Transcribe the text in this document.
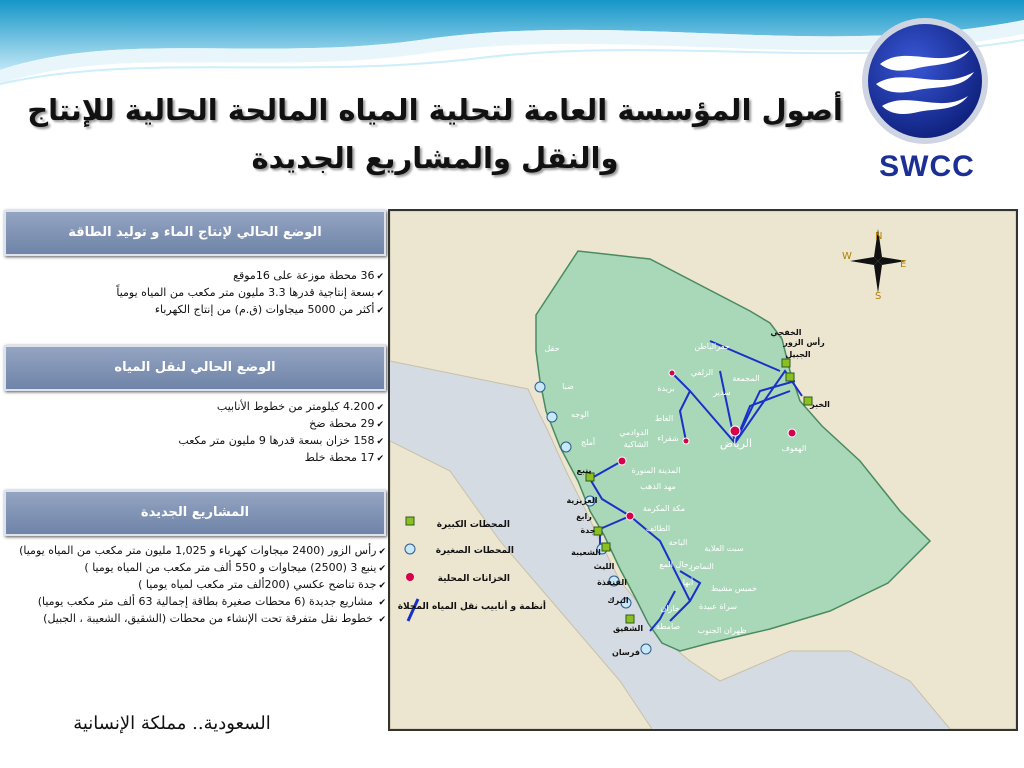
SWCC
أصول المؤسسة العامة لتحلية المياه المالحة الحالية للإنتاج
والنقل والمشاريع الجديدة
الوضع الحالي لإنتاج الماء و توليد الطاقة
✔ 36 محطة موزعة على 16موقع
✔ بسعة إنتاجية قدرها 3.3 مليون متر مكعب من المياه يومياً
✔ أكثر من 5000 ميجاوات (ق.م) من إنتاج الكهرباء
الوضع الحالي لنقل المياه
✔ 4.200 كيلومتر من خطوط الأنابيب
✔ 29 محطة ضخ
✔ 158 خزان بسعة قدرها 9 مليون متر مكعب
✔ 17 محطة خلط
المشاريع الجديدة
✔ رأس الزور (2400 ميجاوات كهرباء و 1,025 مليون متر مكعب من المياه يوميا)
✔ ينبع 3 (2500) ميجاوات و 550 ألف متر مكعب من المياه يوميا )
✔ جدة تناضح عكسي (200ألف متر مكعب لمياه يوميا )
✔ مشاريع جديدة (6 محطات صغيرة بطاقة إجمالية 63 ألف متر مكعب يوميا)
✔ خطوط نقل متفرقة تحت الإنشاء من محطات (الشقيق، الشعيبة ، الجبيل)
السعودية.. مملكة الإنسانية
حقل
ضبا
الوجه
أملج
ينبع	المدينة المنورة
مهد الذهب
العزيزية
رابغ
جدة
مكة المكرمة
الطائف
الباحة
سبت العلاية
النماص
رجال المع
أبها
خميس مشيط
سراة عبيدة
ظهران الجنوب
جازان
صامطة
فرسان
الشقيق
البرك
القنفذة
الليث
الشعيبة
حفرالباطن
الخفجي
رأس الزور
الجبيل
الخبر
الهفوف
الرياض
بريدة
الزلفي
المجمعة
سدير
الغاط
شقراء
الدوادمي
الشاكية
N
S
E
W
المحطات الكبيرة
المحطات الصغيرة
الخزانات المحلية
أنظمة و أنابيب نقل المياه المحلاة
